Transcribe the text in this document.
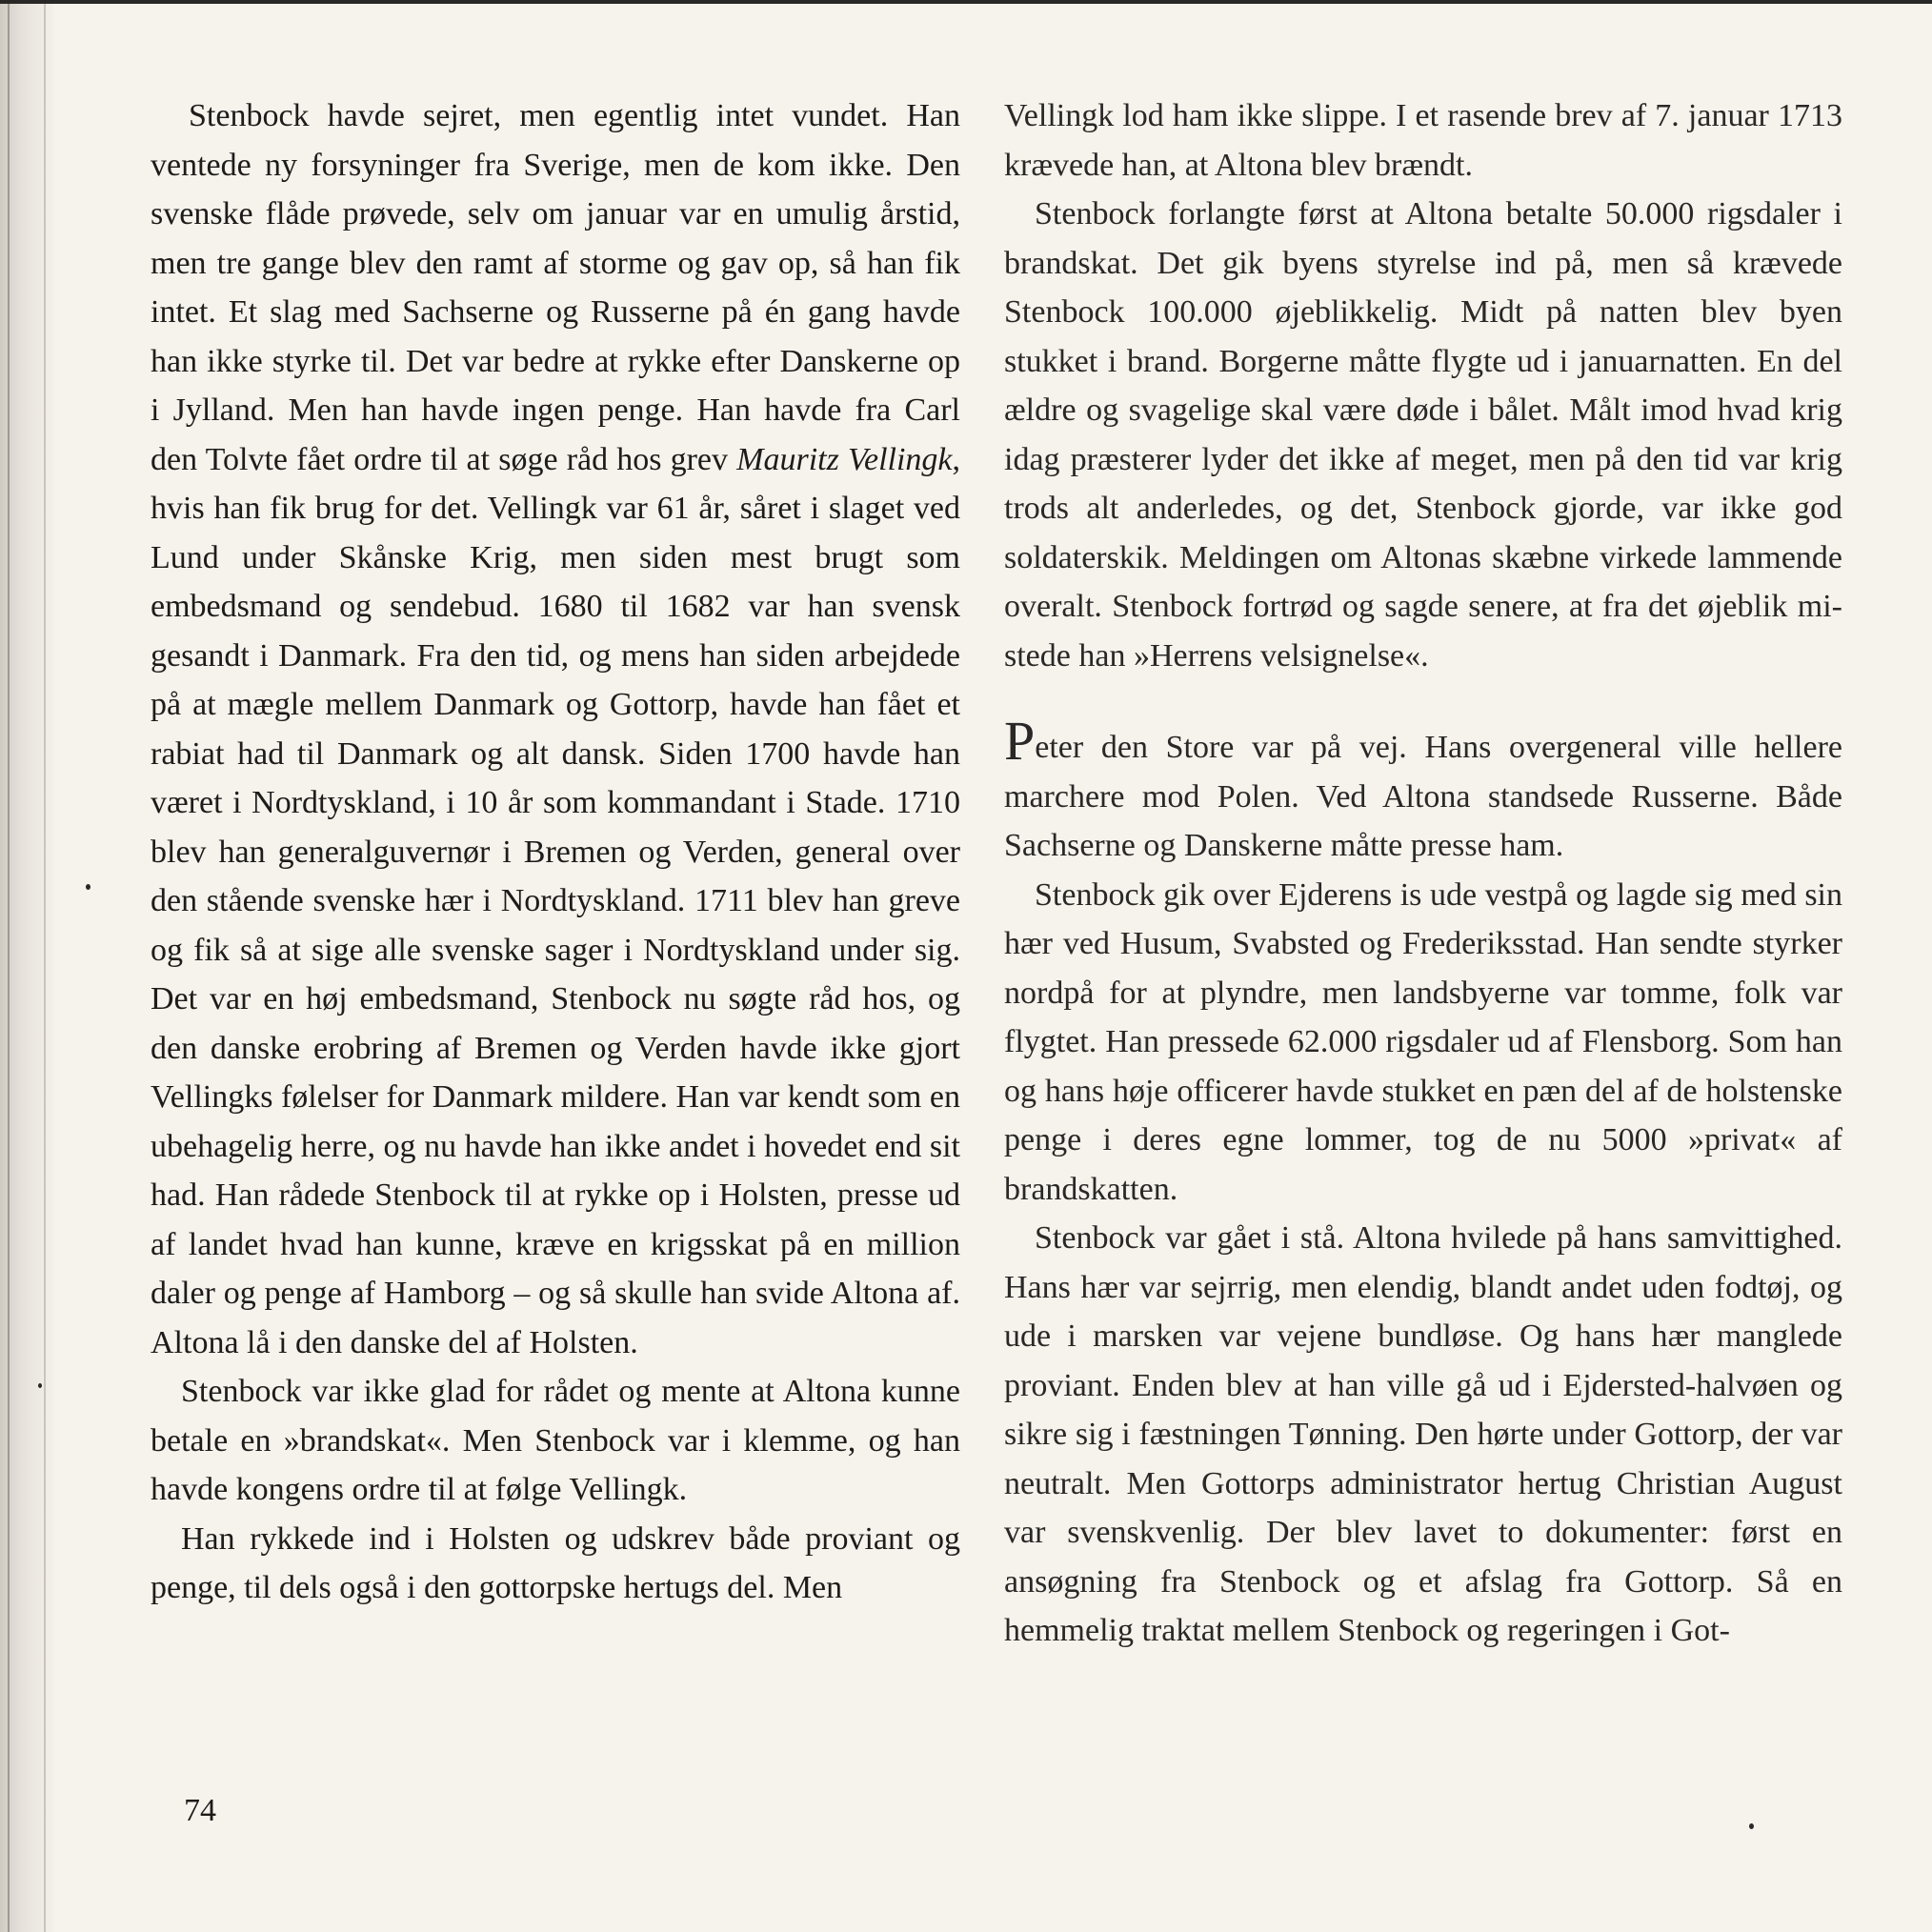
Stenbock havde sejret, men egentlig intet vundet. Han ventede ny forsyninger fra Sverige, men de kom ikke. Den svenske flåde prøvede, selv om januar var en umulig årstid, men tre gange blev den ramt af storme og gav op, så han fik intet. Et slag med Sachserne og Russerne på én gang havde han ikke styrke til. Det var bedre at rykke efter Danskerne op i Jylland. Men han havde ingen penge. Han havde fra Carl den Tolvte fået ordre til at søge råd hos grev Mauritz Vellingk, hvis han fik brug for det. Vellingk var 61 år, såret i slaget ved Lund under Skånske Krig, men siden mest brugt som embedsmand og sendebud. 1680 til 1682 var han svensk gesandt i Danmark. Fra den tid, og mens han siden arbejdede på at mægle mellem Danmark og Gottorp, havde han fået et rabiat had til Danmark og alt dansk. Siden 1700 havde han været i Nordtyskland, i 10 år som kommandant i Stade. 1710 blev han generalguvernør i Bremen og Verden, general over den stående svenske hær i Nordtyskland. 1711 blev han greve og fik så at sige alle svenske sager i Nordtyskland under sig. Det var en høj embedsmand, Stenbock nu søgte råd hos, og den danske erobring af Bremen og Verden havde ikke gjort Vellingks følelser for Danmark mildere. Han var kendt som en ubehagelig herre, og nu havde han ikke andet i hovedet end sit had. Han rådede Stenbock til at rykke op i Holsten, presse ud af landet hvad han kunne, kræve en krigsskat på en million daler og penge af Hamborg – og så skulle han svide Altona af. Altona lå i den danske del af Holsten.

Stenbock var ikke glad for rådet og mente at Altona kunne betale en »brandskat«. Men Stenbock var i klemme, og han havde kongens ordre til at følge Vellingk.

Han rykkede ind i Holsten og udskrev både proviant og penge, til dels også i den gottorpske hertugs del. Men

Vellingk lod ham ikke slippe. I et rasende brev af 7. januar 1713 krævede han, at Altona blev brændt.

Stenbock forlangte først at Altona betalte 50.000 rigsdaler i brandskat. Det gik byens styrelse ind på, men så krævede Stenbock 100.000 øjeblikkelig. Midt på natten blev byen stukket i brand. Borgerne måtte flygte ud i januarnatten. En del ældre og svagelige skal være døde i bålet. Målt imod hvad krig idag præsterer lyder det ikke af meget, men på den tid var krig trods alt anderledes, og det, Stenbock gjorde, var ikke god soldaterskik. Meldingen om Altonas skæbne virkede lammende overalt. Stenbock fortrød og sagde senere, at fra det øjeblik mistede han »Herrens velsignelse«.

Peter den Store var på vej. Hans overgeneral ville hellere marchere mod Polen. Ved Altona standsede Russerne. Både Sachserne og Danskerne måtte presse ham.

Stenbock gik over Ejderens is ude vestpå og lagde sig med sin hær ved Husum, Svabsted og Frederiksstad. Han sendte styrker nordpå for at plyndre, men landsbyerne var tomme, folk var flygtet. Han pressede 62.000 rigsdaler ud af Flensborg. Som han og hans høje officerer havde stukket en pæn del af de holstenske penge i deres egne lommer, tog de nu 5000 »privat« af brandskatten.

Stenbock var gået i stå. Altona hvilede på hans samvittighed. Hans hær var sejrrig, men elendig, blandt andet uden fodtøj, og ude i marsken var vejene bundløse. Og hans hær manglede proviant. Enden blev at han ville gå ud i Ejdersted-halvøen og sikre sig i fæstningen Tønning. Den hørte under Gottorp, der var neutralt. Men Gottorps administrator hertug Christian August var svenskvenlig. Der blev lavet to dokumenter: først en ansøgning fra Stenbock og et afslag fra Gottorp. Så en hemmelig traktat mellem Stenbock og regeringen i Got-

74
